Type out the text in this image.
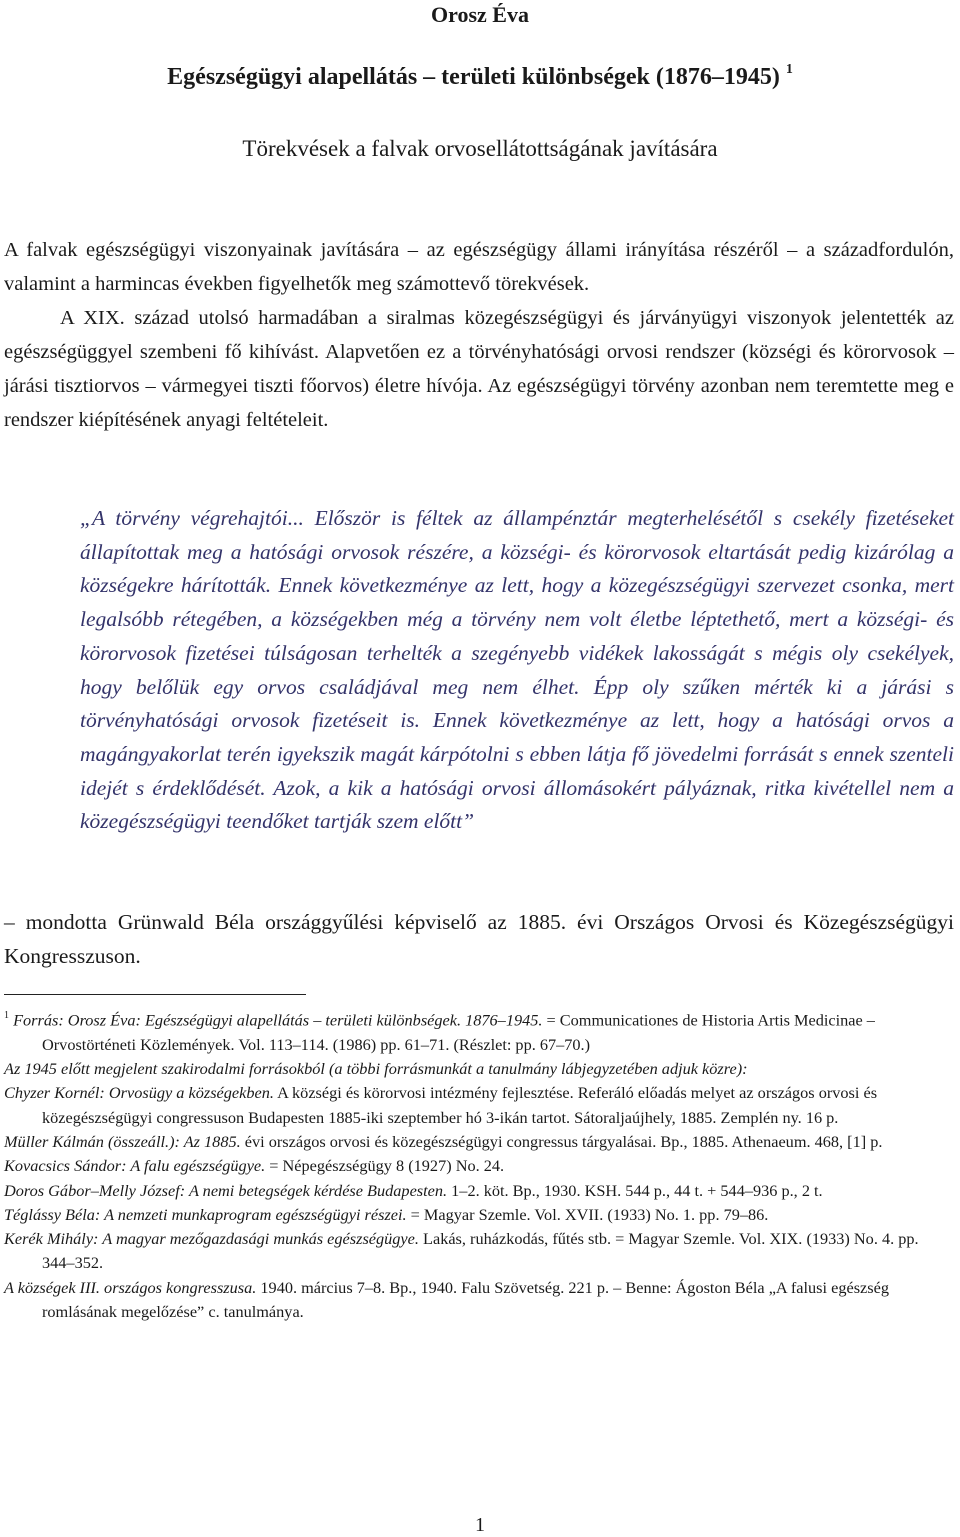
Orosz Éva
Egészségügyi alapellátás – területi különbségek (1876–1945) $^1$
Törekvések a falvak orvosellátottságának javítására

A falvak egészségügyi viszonyainak javítására – az egészségügy állami irányítása részéről – a századfordulón, valamint a harmincas években figyelhetők meg számottevő törekvések.
A XIX. század utolsó harmadában a siralmas közegészségügyi és járványügyi viszonyok jelentették az egészségüggyel szembeni fő kihívást. Alapvetően ez a törvényhatósági orvosi rendszer (községi és körorvosok – járási tisztiorvos – vármegyei tiszti főorvos) életre hívója. Az egészségügyi törvény azonban nem teremtette meg e rendszer kiépítésének anyagi feltételeit.

„A törvény végrehajtói... Először is féltek az állampénztár megterhelésétől s csekély fizetéseket állapítottak meg a hatósági orvosok részére, a községi- és körorvosok eltartását pedig kizárólag a községekre hárították. Ennek következménye az lett, hogy a közegészségügyi szervezet csonka, mert legalsóbb rétegében, a községekben még a törvény nem volt életbe léptethető, mert a községi- és körorvosok fizetései túlságosan terhelték a szegényebb vidékek lakosságát s mégis oly csekélyek, hogy belőlük egy orvos családjával meg nem élhet. Épp oly szűken mérték ki a járási s törvényhatósági orvosok fizetéseit is. Ennek következménye az lett, hogy a hatósági orvos a magángyakorlat terén igyekszik magát kárpótolni s ebben látja fő jövedelmi forrását s ennek szenteli idejét s érdeklődését. Azok, a kik a hatósági orvosi állomásokért pályáznak, ritka kivétellel nem a közegészségügyi teendőket tartják szem előtt”

– mondotta Grünwald Béla országgyűlési képviselő az 1885. évi Országos Orvosi és Közegészségügyi Kongresszuson.

$^1$ Forrás: Orosz Éva: Egészségügyi alapellátás – területi különbségek. 1876–1945. = Communicationes de Historia Artis Medicinae – Orvostörténeti Közlemények. Vol. 113–114. (1986) pp. 61–71. (Részlet: pp. 67–70.)

Az 1945 előtt megjelent szakirodalmi forrásokból (a többi forrásmunkát a tanulmány lábjegyzetében adjuk közre):

Chyzer Kornél: Orvosügy a községekben. A községi és körorvosi intézmény fejlesztése. Referáló előadás melyet az országos orvosi és közegészségügyi congressuson Budapesten 1885-iki szeptember hó 3-ikán tartot. Sátoraljaújhely, 1885. Zemplén ny. 16 p.

Müller Kálmán (összeáll.): Az 1885. évi országos orvosi és közegészségügyi congressus tárgyalásai. Bp., 1885. Athenaeum. 468, [1] p.

Kovacsics Sándor: A falu egészségügye. = Népegészségügy 8 (1927) No. 24.

Doros Gábor–Melly József: A nemi betegségek kérdése Budapesten. 1–2. köt. Bp., 1930. KSH. 544 p., 44 t. + 544–936 p., 2 t.

Téglássy Béla: A nemzeti munkaprogram egészségügyi részei. = Magyar Szemle. Vol. XVII. (1933) No. 1. pp. 79–86.

Kerék Mihály: A magyar mezőgazdasági munkás egészségügye. Lakás, ruházkodás, fűtés stb. = Magyar Szemle. Vol. XIX. (1933) No. 4. pp. 344–352.

A községek III. országos kongresszusa. 1940. március 7–8. Bp., 1940. Falu Szövetség. 221 p. – Benne: Ágoston Béla „A falusi egészség romlásának megelőzése” c. tanulmánya.

1
